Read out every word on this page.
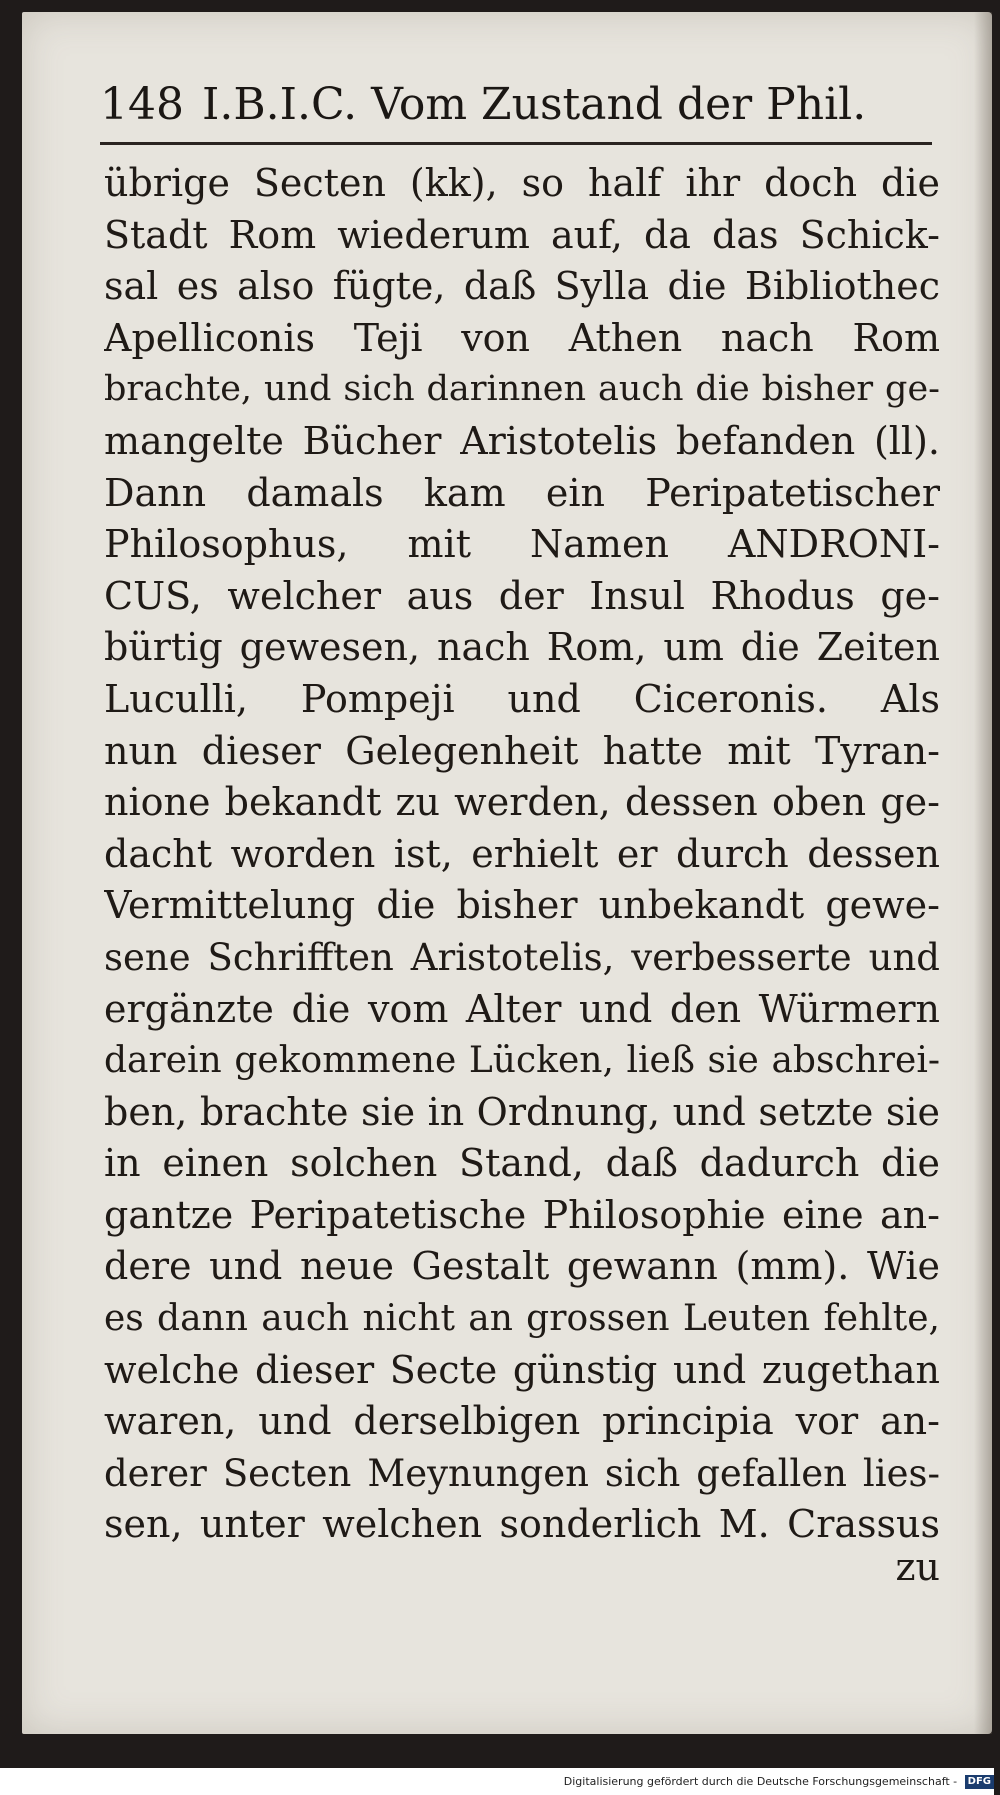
148 I.B.I.C. Vom Zustand der Phil.
übrige Secten (kk), so half ihr doch die
Stadt Rom wiederum auf, da das Schick-
sal es also fügte, daß Sylla die Bibliothec
Apelliconis Teji von Athen nach Rom
brachte, und sich darinnen auch die bisher ge-
mangelte Bücher Aristotelis befanden (ll).
Dann damals kam ein Peripatetischer
Philosophus, mit Namen ANDRONI-
CUS, welcher aus der Insul Rhodus ge-
bürtig gewesen, nach Rom, um die Zeiten
Luculli, Pompeji und Ciceronis. Als
nun dieser Gelegenheit hatte mit Tyran-
nione bekandt zu werden, dessen oben ge-
dacht worden ist, erhielt er durch dessen
Vermittelung die bisher unbekandt gewe-
sene Schrifften Aristotelis, verbesserte und
ergänzte die vom Alter und den Würmern
darein gekommene Lücken, ließ sie abschrei-
ben, brachte sie in Ordnung, und setzte sie
in einen solchen Stand, daß dadurch die
gantze Peripatetische Philosophie eine an-
dere und neue Gestalt gewann (mm). Wie
es dann auch nicht an grossen Leuten fehlte,
welche dieser Secte günstig und zugethan
waren, und derselbigen principia vor an-
derer Secten Meynungen sich gefallen lies-
sen, unter welchen sonderlich M. Crassus
zu
Digitalisierung gefördert durch die Deutsche Forschungsgemeinschaft - DFG
